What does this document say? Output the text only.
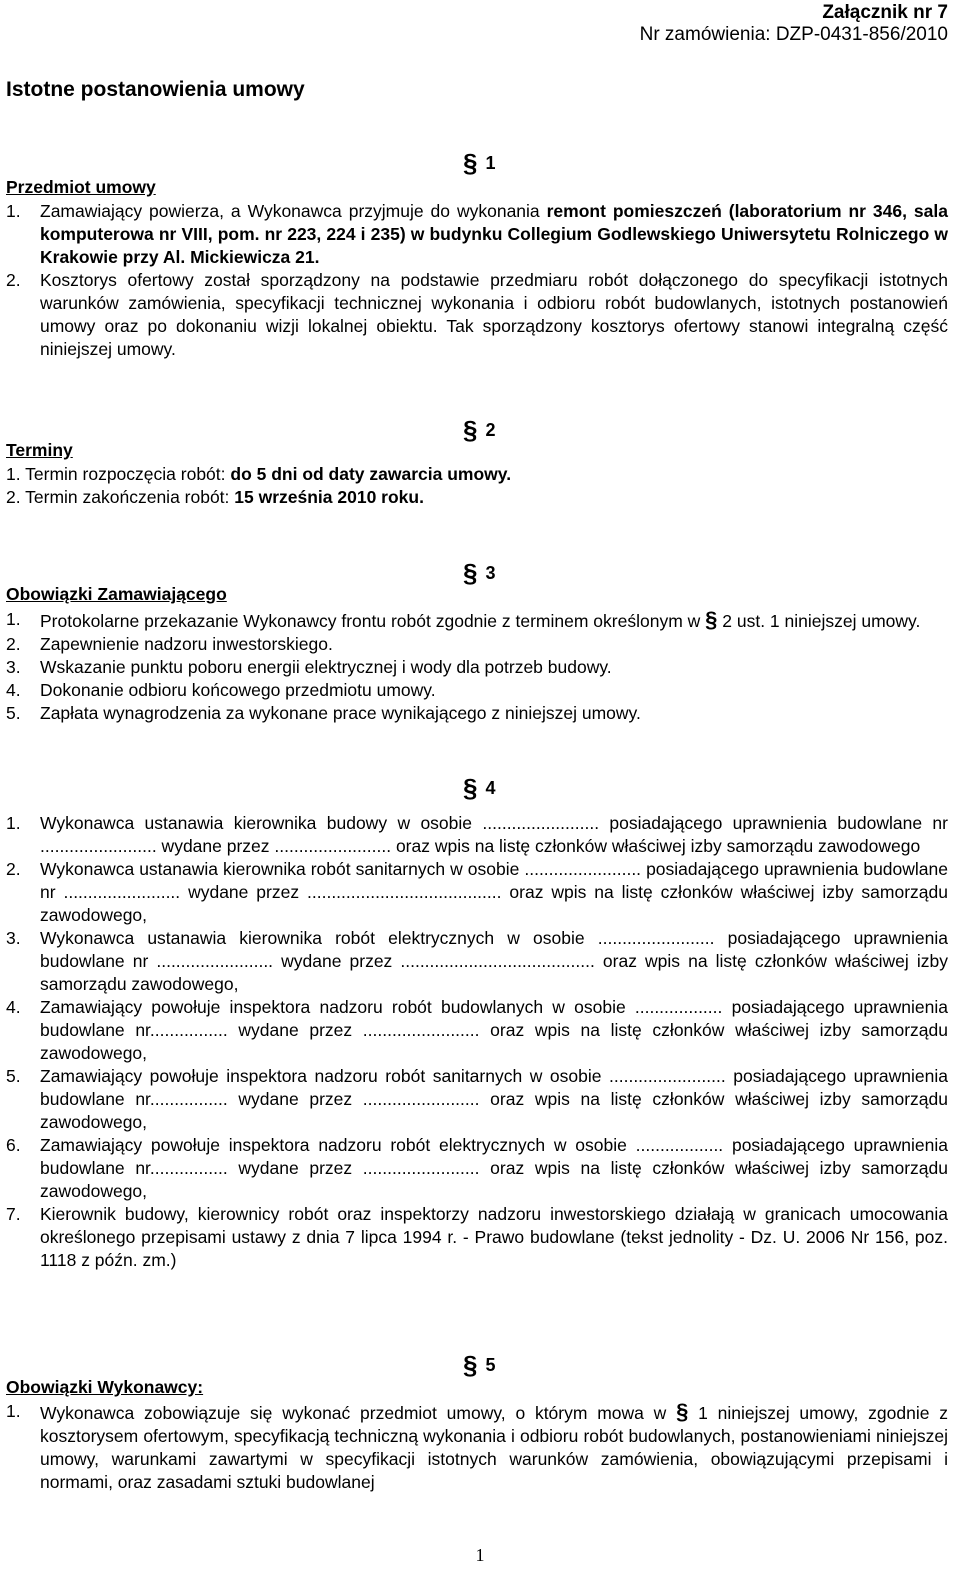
Załącznik nr 7
Nr zamówienia: DZP-0431-856/2010
Istotne postanowienia umowy
§ 1
Przedmiot umowy
1.	Zamawiający powierza, a Wykonawca przyjmuje do wykonania remont pomieszczeń (laboratorium nr 346, sala komputerowa nr VIII, pom. nr 223, 224 i 235) w budynku Collegium Godlewskiego Uniwersytetu Rolniczego w Krakowie przy Al. Mickiewicza 21.
2.	Kosztorys ofertowy został sporządzony na podstawie przedmiaru robót dołączonego do specyfikacji istotnych warunków zamówienia, specyfikacji technicznej wykonania i odbioru robót budowlanych, istotnych postanowień umowy oraz po dokonaniu wizji lokalnej obiektu. Tak sporządzony kosztorys ofertowy stanowi integralną część niniejszej umowy.
§ 2
Terminy
1. Termin rozpoczęcia robót: do 5 dni od daty zawarcia umowy.
2. Termin zakończenia robót: 15 września 2010 roku.
§ 3
Obowiązki Zamawiającego
1.	Protokolarne przekazanie Wykonawcy frontu robót zgodnie z terminem określonym w § 2 ust. 1 niniejszej umowy.
2.	Zapewnienie nadzoru inwestorskiego.
3.	Wskazanie punktu poboru energii elektrycznej i wody dla potrzeb budowy.
4.	Dokonanie odbioru końcowego przedmiotu umowy.
5.	Zapłata wynagrodzenia za wykonane prace wynikającego z niniejszej umowy.
§ 4
1.	Wykonawca ustanawia kierownika budowy w osobie ........................ posiadającego uprawnienia budowlane nr ........................ wydane przez ........................ oraz wpis na listę członków właściwej izby samorządu zawodowego
2.	Wykonawca ustanawia kierownika robót sanitarnych w osobie ........................ posiadającego uprawnienia budowlane nr ........................ wydane przez ........................................ oraz wpis na listę członków właściwej izby samorządu zawodowego,
3.	Wykonawca ustanawia kierownika robót elektrycznych w osobie ........................ posiadającego uprawnienia budowlane nr ........................ wydane przez ........................................ oraz wpis na listę członków właściwej izby samorządu zawodowego,
4.	Zamawiający powołuje inspektora nadzoru robót budowlanych w osobie .................. posiadającego uprawnienia budowlane nr................ wydane przez ........................ oraz wpis na listę członków właściwej izby samorządu zawodowego,
5.	Zamawiający powołuje inspektora nadzoru robót sanitarnych w osobie ........................ posiadającego uprawnienia budowlane nr................ wydane przez ........................ oraz wpis na listę członków właściwej izby samorządu zawodowego,
6.	Zamawiający powołuje inspektora nadzoru robót elektrycznych w osobie .................. posiadającego uprawnienia budowlane nr................ wydane przez ........................ oraz wpis na listę członków właściwej izby samorządu zawodowego,
7.	Kierownik budowy, kierownicy robót oraz inspektorzy nadzoru inwestorskiego działają w granicach umocowania określonego przepisami ustawy z dnia 7 lipca 1994 r. - Prawo budowlane (tekst jednolity - Dz. U. 2006 Nr 156, poz. 1118 z późn. zm.)
§ 5
Obowiązki Wykonawcy:
1.	Wykonawca zobowiązuje się wykonać przedmiot umowy, o którym mowa w § 1 niniejszej umowy, zgodnie z kosztorysem ofertowym, specyfikacją techniczną wykonania i odbioru robót budowlanych, postanowieniami niniejszej umowy, warunkami zawartymi w specyfikacji istotnych warunków zamówienia, obowiązującymi przepisami i normami, oraz zasadami sztuki budowlanej
1
